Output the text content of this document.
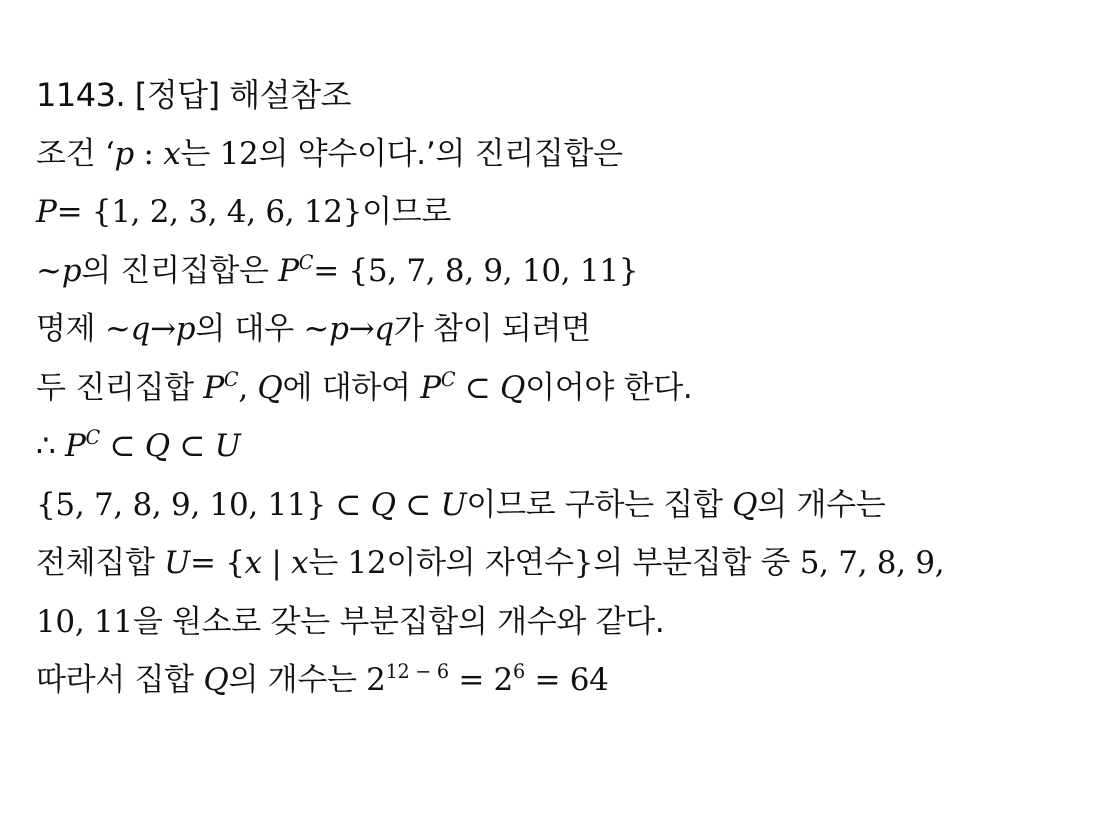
1143. [정답] 해설참조
조건 ‘p : x는 12의 약수이다.’의 진리집합은
P= {1, 2, 3, 4, 6, 12}이므로
~p의 진리집합은 $P^C= \{5$, 7, 8, 9, 10, 11}
명제 ~q→p의 대우 ~p→q가 참이 되려면
두 진리집합 $P^C$, Q에 대하여 $P^C$ ⊂ Q이어야 한다.
∴ $P^C$ ⊂ Q ⊂ U
{5, 7, 8, 9, 10, 11} ⊂ Q ⊂ U이므로 구하는 집합 Q의 개수는
전체집합 U= {x | x는 12이하의 자연수}의 부분집합 중 5, 7, 8, 9,
10, 11을 원소로 갖는 부분집합의 개수와 같다.
따라서 집합 Q의 개수는 $2^{12 - 6} = 2^6 = 64$
